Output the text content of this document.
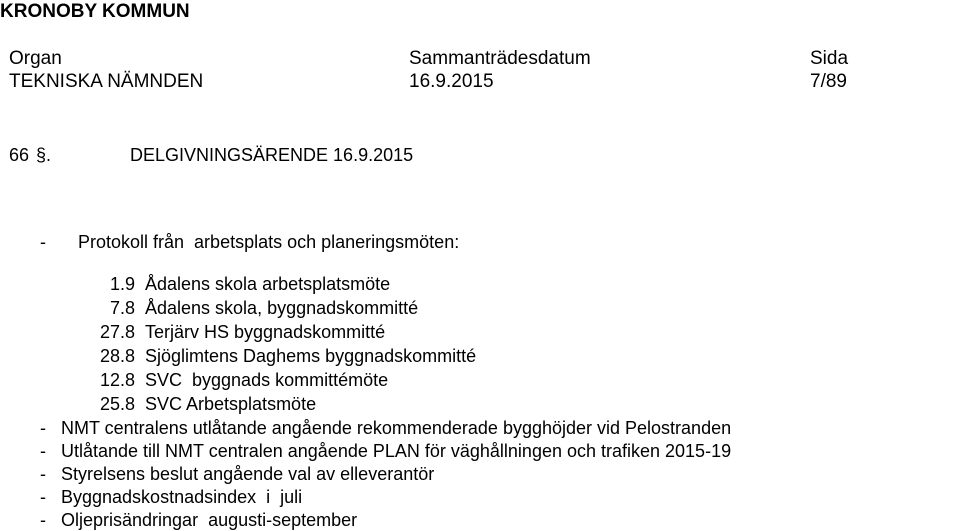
KRONOBY KOMMUN
Organ	Sammanträdesdatum	Sida
TEKNISKA NÄMNDEN	16.9.2015	7/89
66 §.	DELGIVNINGSÄRENDE 16.9.2015
- Protokoll från  arbetsplats och planeringsmöten:
1.9 Ådalens skola arbetsplatsmöte
7.8 Ådalens skola, byggnadskommitté
27.8 Terjärv HS byggnadskommitté
28.8 Sjöglimtens Daghems byggnadskommitté
12.8 SVC  byggnads kommittémöte
25.8 SVC Arbetsplatsmöte
- NMT centralens utlåtande angående rekommenderade bygghöjder vid Pelostranden
- Utlåtande till NMT centralen angående PLAN för väghållningen och trafiken 2015-19
- Styrelsens beslut angående val av elleverantör
- Byggnadskostnadsindex  i  juli
- Oljeprisändringar  augusti-september
